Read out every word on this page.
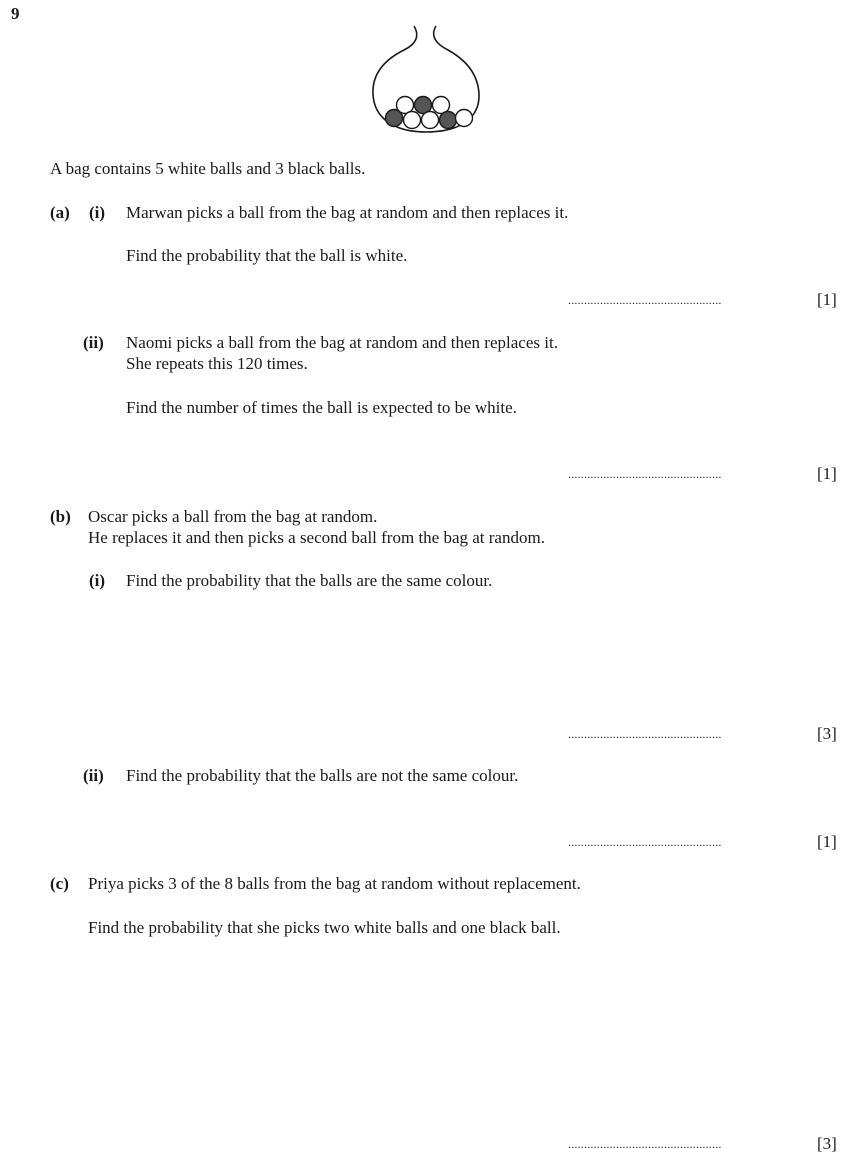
9
A bag contains 5 white balls and 3 black balls.
(a) (i) Marwan picks a ball from the bag at random and then replaces it.
Find the probability that the ball is white.
................................................	[1]
(ii) Naomi picks a ball from the bag at random and then replaces it.
She repeats this 120 times.
Find the number of times the ball is expected to be white.
................................................	[1]
(b) Oscar picks a ball from the bag at random.
He replaces it and then picks a second ball from the bag at random.
(i) Find the probability that the balls are the same colour.
................................................	[3]
(ii) Find the probability that the balls are not the same colour.
................................................	[1]
(c) Priya picks 3 of the 8 balls from the bag at random without replacement.
Find the probability that she picks two white balls and one black ball.
................................................	[3]
